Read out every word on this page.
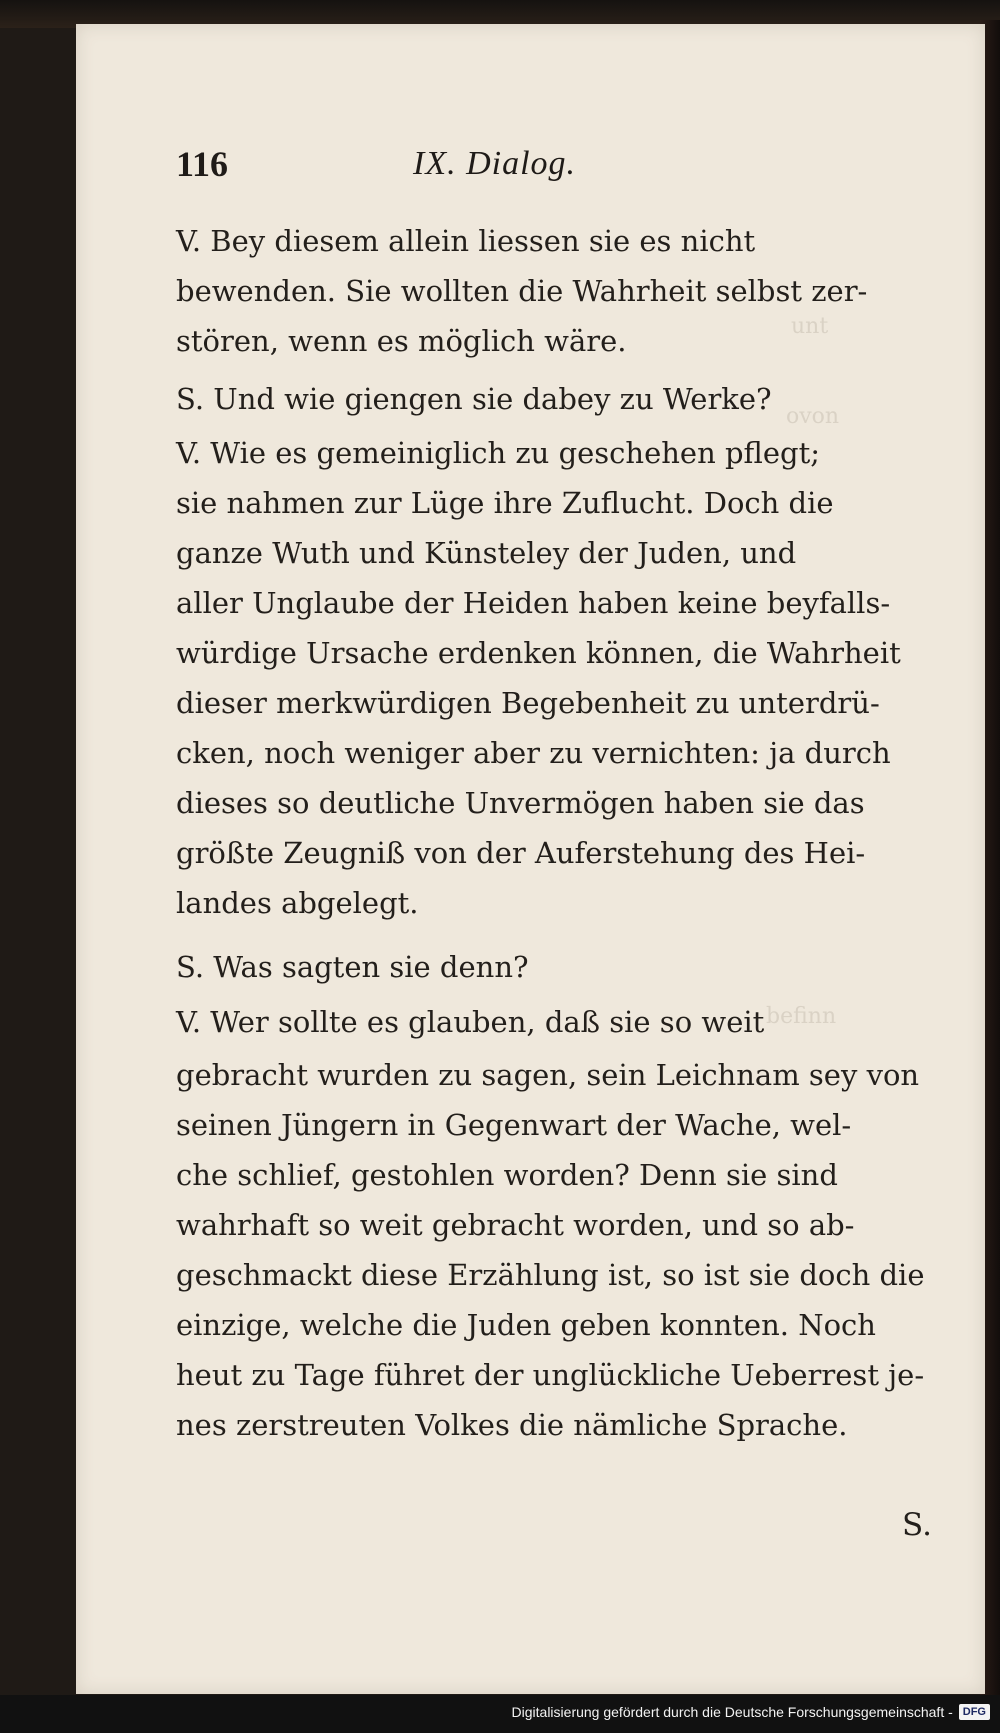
unt
ovon
befinn
116	IX. Dialog.
V. Bey diesem allein liessen sie es nicht
bewenden. Sie wollten die Wahrheit selbst zer-
stören, wenn es möglich wäre.
S. Und wie giengen sie dabey zu Werke?
V. Wie es gemeiniglich zu geschehen pflegt;
sie nahmen zur Lüge ihre Zuflucht. Doch die
ganze Wuth und Künsteley der Juden, und
aller Unglaube der Heiden haben keine beyfalls-
würdige Ursache erdenken können, die Wahrheit
dieser merkwürdigen Begebenheit zu unterdrü-
cken, noch weniger aber zu vernichten: ja durch
dieses so deutliche Unvermögen haben sie das
größte Zeugniß von der Auferstehung des Hei-
landes abgelegt.
S. Was sagten sie denn?
V. Wer sollte es glauben, daß sie so weit
gebracht wurden zu sagen, sein Leichnam sey von
seinen Jüngern in Gegenwart der Wache, wel-
che schlief, gestohlen worden? Denn sie sind
wahrhaft so weit gebracht worden, und so ab-
geschmackt diese Erzählung ist, so ist sie doch die
einzige, welche die Juden geben konnten. Noch
heut zu Tage führet der unglückliche Ueberrest je-
nes zerstreuten Volkes die nämliche Sprache.
S.
Digitalisierung gefördert durch die Deutsche Forschungsgemeinschaft - DFG
